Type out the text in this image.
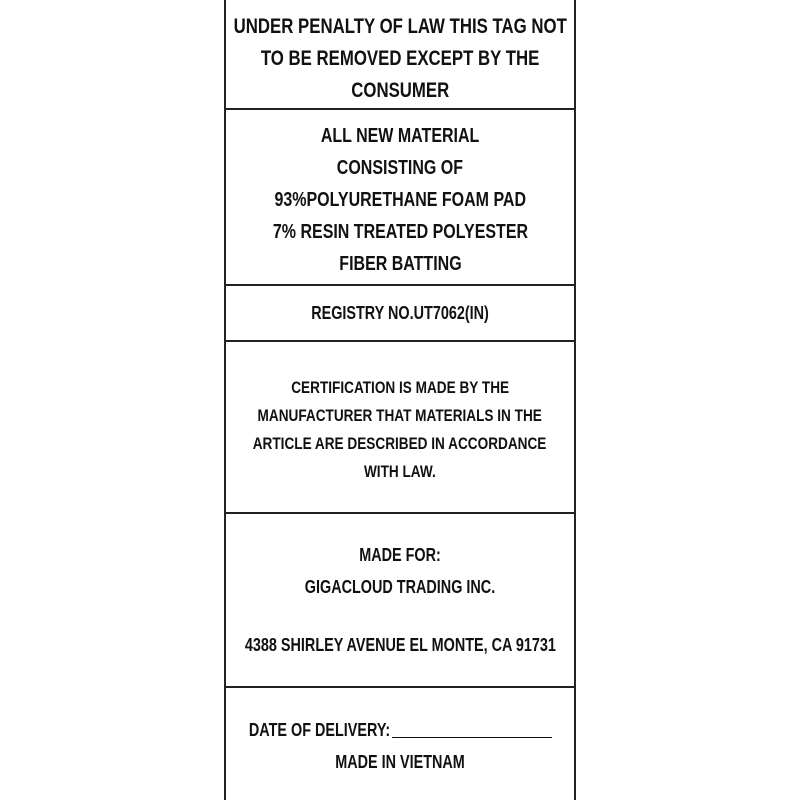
UNDER PENALTY OF LAW THIS TAG NOT
TO BE REMOVED EXCEPT BY THE
CONSUMER
ALL NEW MATERIAL
CONSISTING OF
93%POLYURETHANE FOAM PAD
7% RESIN TREATED POLYESTER
FIBER BATTING
REGISTRY NO.UT7062(IN)
CERTIFICATION IS MADE BY THE
MANUFACTURER THAT MATERIALS IN THE
ARTICLE ARE DESCRIBED IN ACCORDANCE
WITH LAW.
MADE FOR:
GIGACLOUD TRADING INC.
4388 SHIRLEY AVENUE EL MONTE, CA 91731
DATE OF DELIVERY:
MADE IN VIETNAM
